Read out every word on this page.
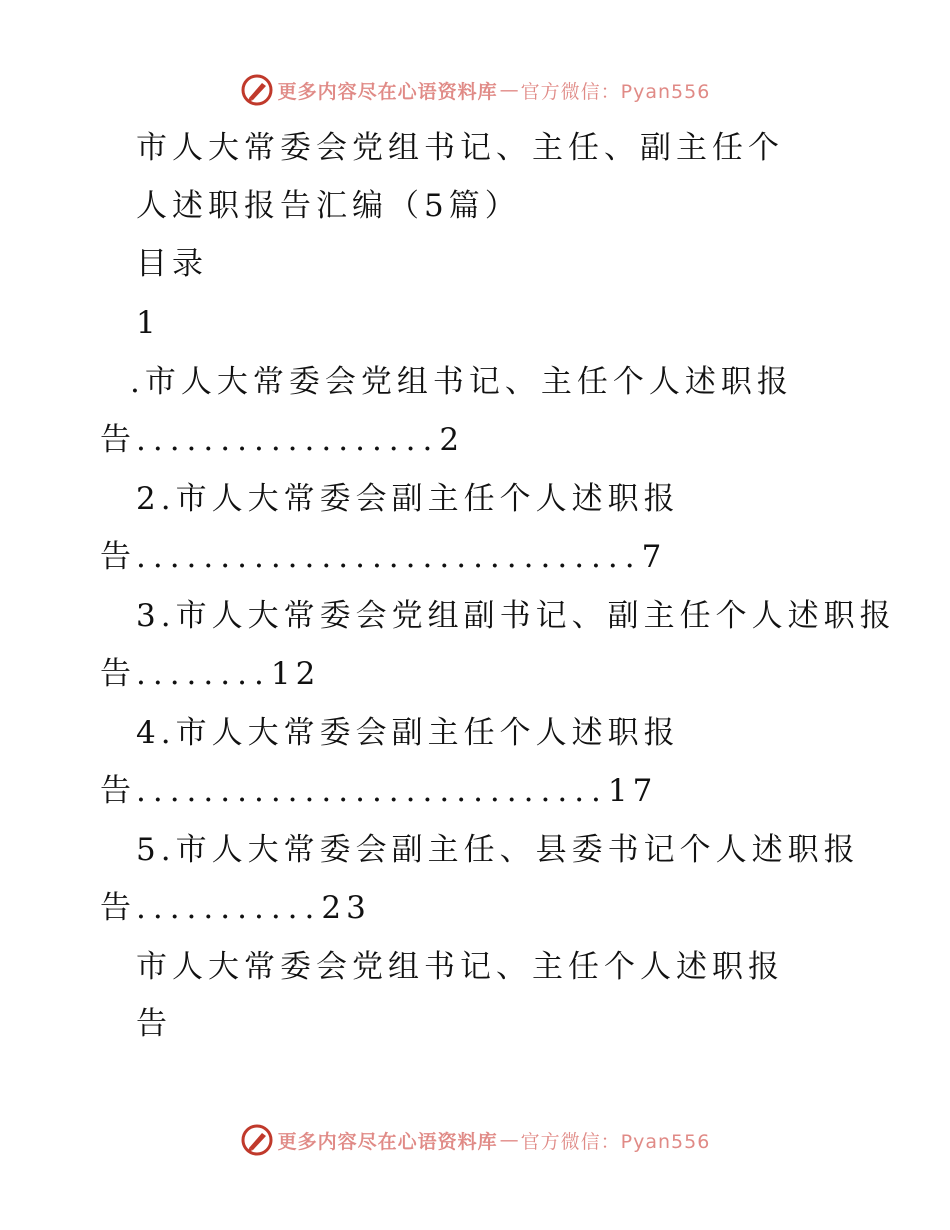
更多内容尽在心语资料库 — 官方微信：Pyan556
市人大常委会党组书记、主任、副主任个
人述职报告汇编（5篇）
目录
1
.市人大常委会党组书记、主任个人述职报
告..................2
2.市人大常委会副主任个人述职报
告..............................7
3.市人大常委会党组副书记、副主任个人述职报
告........12
4.市人大常委会副主任个人述职报
告............................17
5.市人大常委会副主任、县委书记个人述职报
告...........23
市人大常委会党组书记、主任个人述职报
告
更多内容尽在心语资料库 — 官方微信：Pyan556
